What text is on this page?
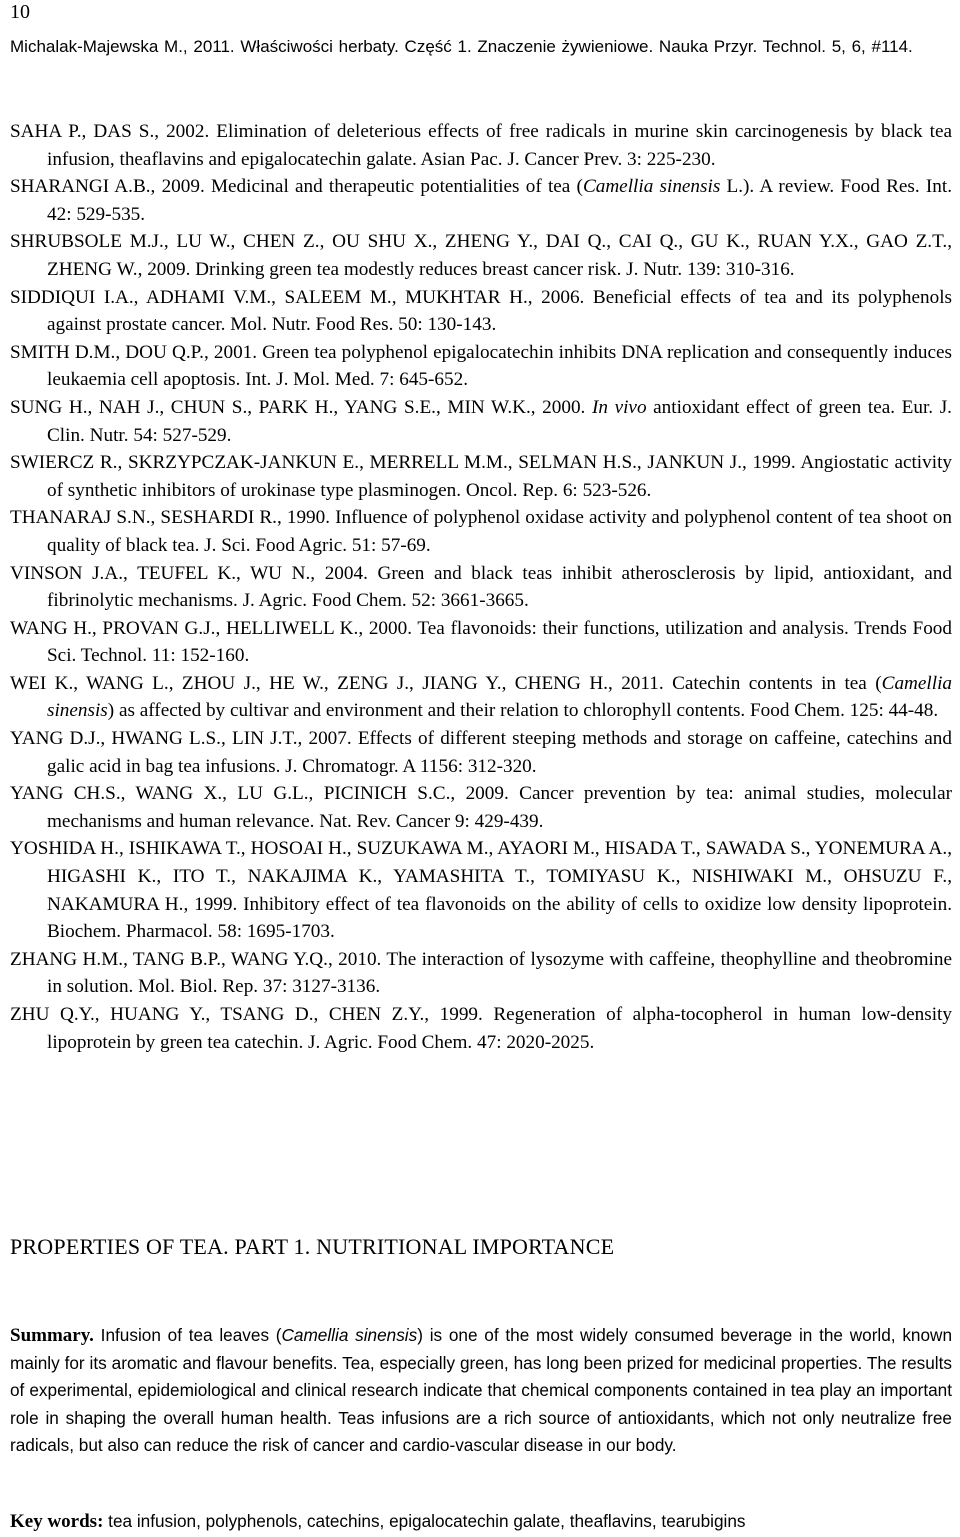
10
Michalak-Majewska M., 2011. Właściwości herbaty. Część 1. Znaczenie żywieniowe. Nauka Przyr. Technol. 5, 6, #114.
SAHA P., DAS S., 2002. Elimination of deleterious effects of free radicals in murine skin carcinogenesis by black tea infusion, theaflavins and epigalocatechin galate. Asian Pac. J. Cancer Prev. 3: 225-230.
SHARANGI A.B., 2009. Medicinal and therapeutic potentialities of tea (Camellia sinensis L.). A review. Food Res. Int. 42: 529-535.
SHRUBSOLE M.J., LU W., CHEN Z., OU SHU X., ZHENG Y., DAI Q., CAI Q., GU K., RUAN Y.X., GAO Z.T., ZHENG W., 2009. Drinking green tea modestly reduces breast cancer risk. J. Nutr. 139: 310-316.
SIDDIQUI I.A., ADHAMI V.M., SALEEM M., MUKHTAR H., 2006. Beneficial effects of tea and its polyphenols against prostate cancer. Mol. Nutr. Food Res. 50: 130-143.
SMITH D.M., DOU Q.P., 2001. Green tea polyphenol epigalocatechin inhibits DNA replication and consequently induces leukaemia cell apoptosis. Int. J. Mol. Med. 7: 645-652.
SUNG H., NAH J., CHUN S., PARK H., YANG S.E., MIN W.K., 2000. In vivo antioxidant effect of green tea. Eur. J. Clin. Nutr. 54: 527-529.
SWIERCZ R., SKRZYPCZAK-JANKUN E., MERRELL M.M., SELMAN H.S., JANKUN J., 1999. Angiostatic activity of synthetic inhibitors of urokinase type plasminogen. Oncol. Rep. 6: 523-526.
THANARAJ S.N., SESHARDI R., 1990. Influence of polyphenol oxidase activity and polyphenol content of tea shoot on quality of black tea. J. Sci. Food Agric. 51: 57-69.
VINSON J.A., TEUFEL K., WU N., 2004. Green and black teas inhibit atherosclerosis by lipid, antioxidant, and fibrinolytic mechanisms. J. Agric. Food Chem. 52: 3661-3665.
WANG H., PROVAN G.J., HELLIWELL K., 2000. Tea flavonoids: their functions, utilization and analysis. Trends Food Sci. Technol. 11: 152-160.
WEI K., WANG L., ZHOU J., HE W., ZENG J., JIANG Y., CHENG H., 2011. Catechin contents in tea (Camellia sinensis) as affected by cultivar and environment and their relation to chlorophyll contents. Food Chem. 125: 44-48.
YANG D.J., HWANG L.S., LIN J.T., 2007. Effects of different steeping methods and storage on caffeine, catechins and galic acid in bag tea infusions. J. Chromatogr. A 1156: 312-320.
YANG CH.S., WANG X., LU G.L., PICINICH S.C., 2009. Cancer prevention by tea: animal studies, molecular mechanisms and human relevance. Nat. Rev. Cancer 9: 429-439.
YOSHIDA H., ISHIKAWA T., HOSOAI H., SUZUKAWA M., AYAORI M., HISADA T., SAWADA S., YONEMURA A., HIGASHI K., ITO T., NAKAJIMA K., YAMASHITA T., TOMIYASU K., NISHIWAKI M., OHSUZU F., NAKAMURA H., 1999. Inhibitory effect of tea flavonoids on the ability of cells to oxidize low density lipoprotein. Biochem. Pharmacol. 58: 1695-1703.
ZHANG H.M., TANG B.P., WANG Y.Q., 2010. The interaction of lysozyme with caffeine, theophylline and theobromine in solution. Mol. Biol. Rep. 37: 3127-3136.
ZHU Q.Y., HUANG Y., TSANG D., CHEN Z.Y., 1999. Regeneration of alpha-tocopherol in human low-density lipoprotein by green tea catechin. J. Agric. Food Chem. 47: 2020-2025.
PROPERTIES OF TEA. PART 1. NUTRITIONAL IMPORTANCE
Summary. Infusion of tea leaves (Camellia sinensis) is one of the most widely consumed beverage in the world, known mainly for its aromatic and flavour benefits. Tea, especially green, has long been prized for medicinal properties. The results of experimental, epidemiological and clinical research indicate that chemical components contained in tea play an important role in shaping the overall human health. Teas infusions are a rich source of antioxidants, which not only neutralize free radicals, but also can reduce the risk of cancer and cardio-vascular disease in our body.
Key words: tea infusion, polyphenols, catechins, epigalocatechin galate, theaflavins, tearubigins
